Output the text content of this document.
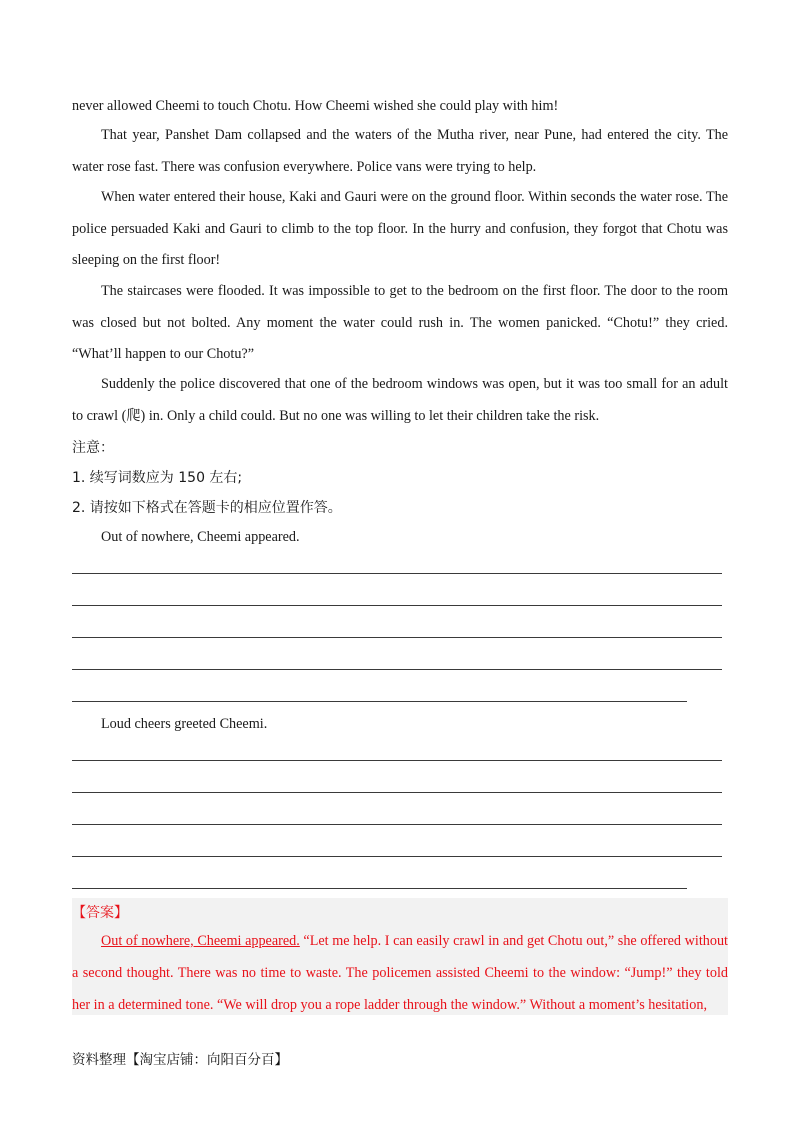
never allowed Cheemi to touch Chotu. How Cheemi wished she could play with him!

That year, Panshet Dam collapsed and the waters of the Mutha river, near Pune, had entered the city. The water rose fast. There was confusion everywhere. Police vans were trying to help.

When water entered their house, Kaki and Gauri were on the ground floor. Within seconds the water rose. The police persuaded Kaki and Gauri to climb to the top floor. In the hurry and confusion, they forgot that Chotu was sleeping on the first floor!

The staircases were flooded. It was impossible to get to the bedroom on the first floor. The door to the room was closed but not bolted. Any moment the water could rush in. The women panicked. “Chotu!” they cried. “What’ll happen to our Chotu?”

Suddenly the police discovered that one of the bedroom windows was open, but it was too small for an adult to crawl (爬) in. Only a child could. But no one was willing to let their children take the risk.

注意：
1. 续写词数应为 150 左右;
2. 请按如下格式在答题卡的相应位置作答。
Out of nowhere, Cheemi appeared.
Loud cheers greeted Cheemi.
【答案】

Out of nowhere, Cheemi appeared. “Let me help. I can easily crawl in and get Chotu out,” she offered without a second thought. There was no time to waste. The policemen assisted Cheemi to the window: “Jump!” they told her in a determined tone. “We will drop you a rope ladder through the window.” Without a moment’s hesitation,

资料整理【淘宝店铺：向阳百分百】
